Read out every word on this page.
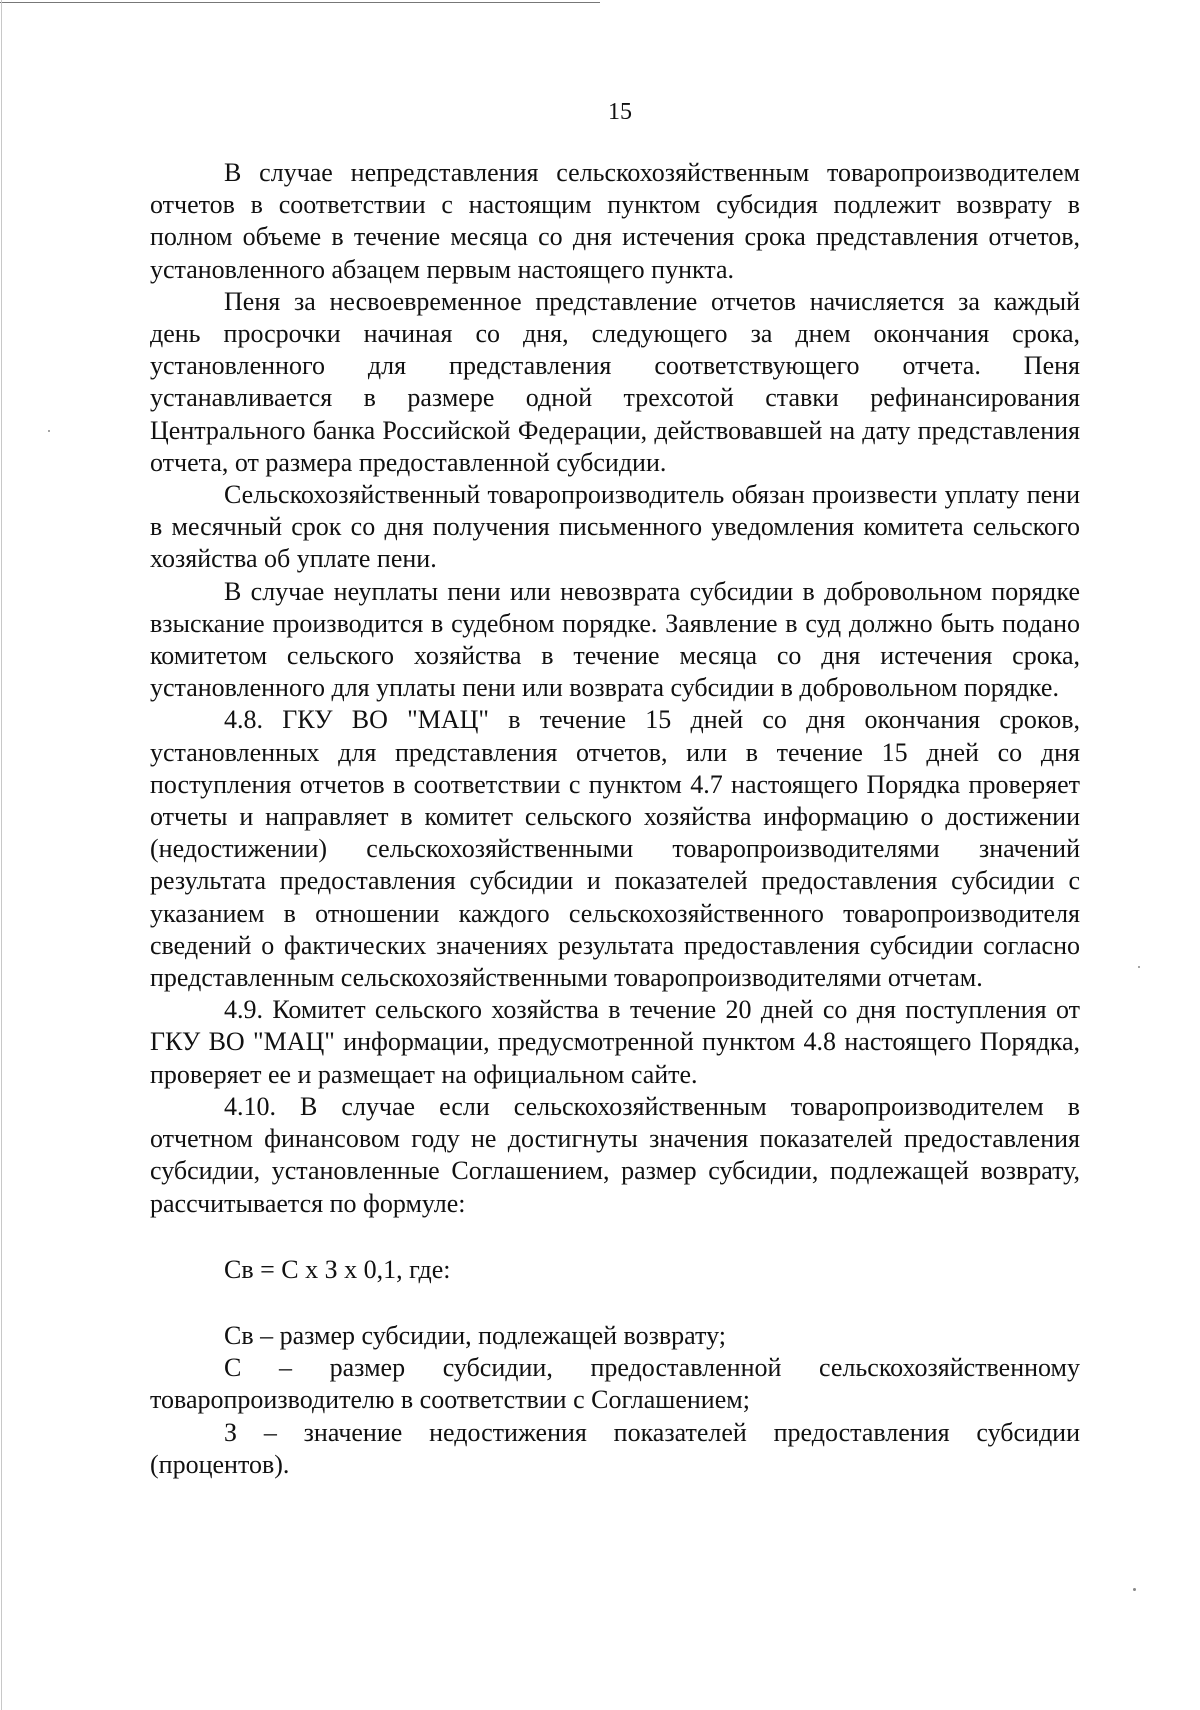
15

В случае непредставления сельскохозяйственным товаропроизводителем отчетов в соответствии с настоящим пунктом субсидия подлежит возврату в полном объеме в течение месяца со дня истечения срока представления отчетов, установленного абзацем первым настоящего пункта.

Пеня за несвоевременное представление отчетов начисляется за каждый день просрочки начиная со дня, следующего за днем окончания срока, установленного для представления соответствующего отчета. Пеня устанавливается в размере одной трехсотой ставки рефинансирования Центрального банка Российской Федерации, действовавшей на дату представления отчета, от размера предоставленной субсидии.

Сельскохозяйственный товаропроизводитель обязан произвести уплату пени в месячный срок со дня получения письменного уведомления комитета сельского хозяйства об уплате пени.

В случае неуплаты пени или невозврата субсидии в добровольном порядке взыскание производится в судебном порядке. Заявление в суд должно быть подано комитетом сельского хозяйства в течение месяца со дня истечения срока, установленного для уплаты пени или возврата субсидии в добровольном порядке.

4.8. ГКУ ВО "МАЦ" в течение 15 дней со дня окончания сроков, установленных для представления отчетов, или в течение 15 дней со дня поступления отчетов в соответствии с пунктом 4.7 настоящего Порядка проверяет отчеты и направляет в комитет сельского хозяйства информацию о достижении (недостижении) сельскохозяйственными товаропроизводителями значений результата предоставления субсидии и показателей предоставления субсидии с указанием в отношении каждого сельскохозяйственного товаропроизводителя сведений о фактических значениях результата предоставления субсидии согласно представленным сельскохозяйственными товаропроизводителями отчетам.

4.9. Комитет сельского хозяйства в течение 20 дней со дня поступления от ГКУ ВО "МАЦ" информации, предусмотренной пунктом 4.8 настоящего Порядка, проверяет ее и размещает на официальном сайте.

4.10. В случае если сельскохозяйственным товаропроизводителем в отчетном финансовом году не достигнуты значения показателей предоставления субсидии, установленные Соглашением, размер субсидии, подлежащей возврату, рассчитывается по формуле:

Св = С х З х 0,1, где:

Св – размер субсидии, подлежащей возврату;

С – размер субсидии, предоставленной сельскохозяйственному товаропроизводителю в соответствии с Соглашением;

З – значение недостижения показателей предоставления субсидии (процентов).
